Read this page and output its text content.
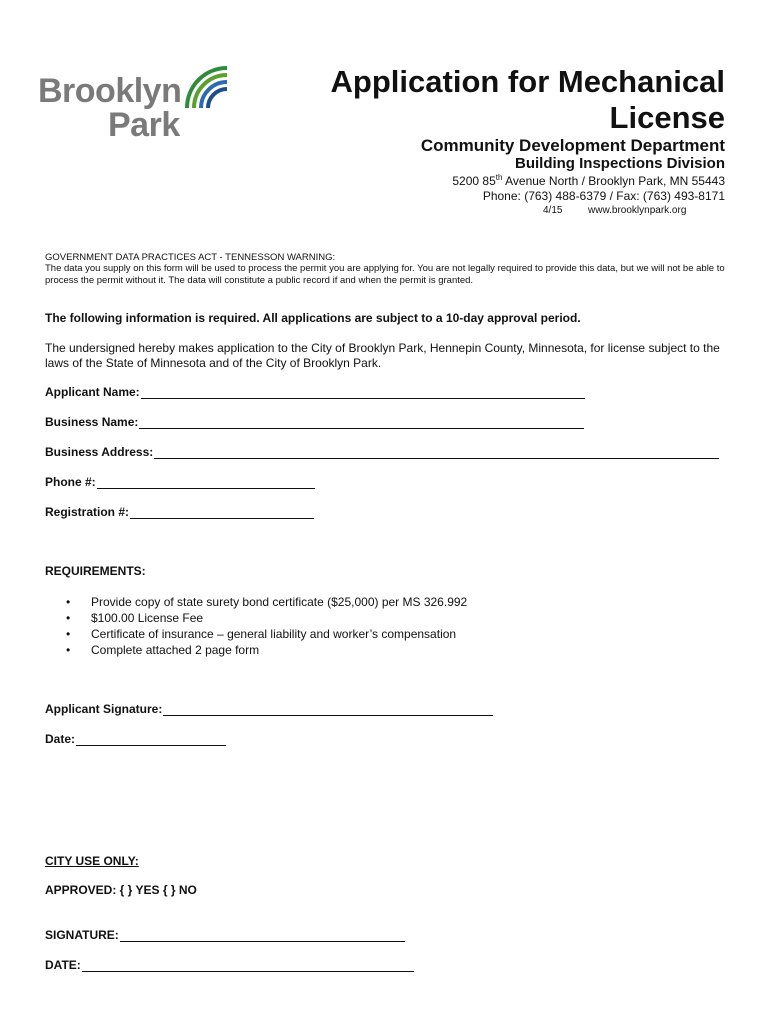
Brooklyn
Park
Application for Mechanical License
Community Development Department
Building Inspections Division
5200 85th Avenue North / Brooklyn Park, MN 55443
Phone: (763) 488-6379 / Fax: (763) 493-8171
4/15	www.brooklynpark.org
GOVERNMENT DATA PRACTICES ACT - TENNESSON WARNING:
The data you supply on this form will be used to process the permit you are applying for. You are not legally required to provide this data, but we will not be able to process the permit without it. The data will constitute a public record if and when the permit is granted.
The following information is required. All applications are subject to a 10-day approval period.
The undersigned hereby makes application to the City of Brooklyn Park, Hennepin County, Minnesota, for license subject to the laws of the State of Minnesota and of the City of Brooklyn Park.
Applicant Name:
Business Name:
Business Address:
Phone #:
Registration #:
REQUIREMENTS:
•	Provide copy of state surety bond certificate ($25,000) per MS 326.992
•	$100.00 License Fee
•	Certificate of insurance – general liability and worker’s compensation
•	Complete attached 2 page form
Applicant Signature:
Date:
CITY USE ONLY:
APPROVED: { } YES { } NO
SIGNATURE:
DATE:
